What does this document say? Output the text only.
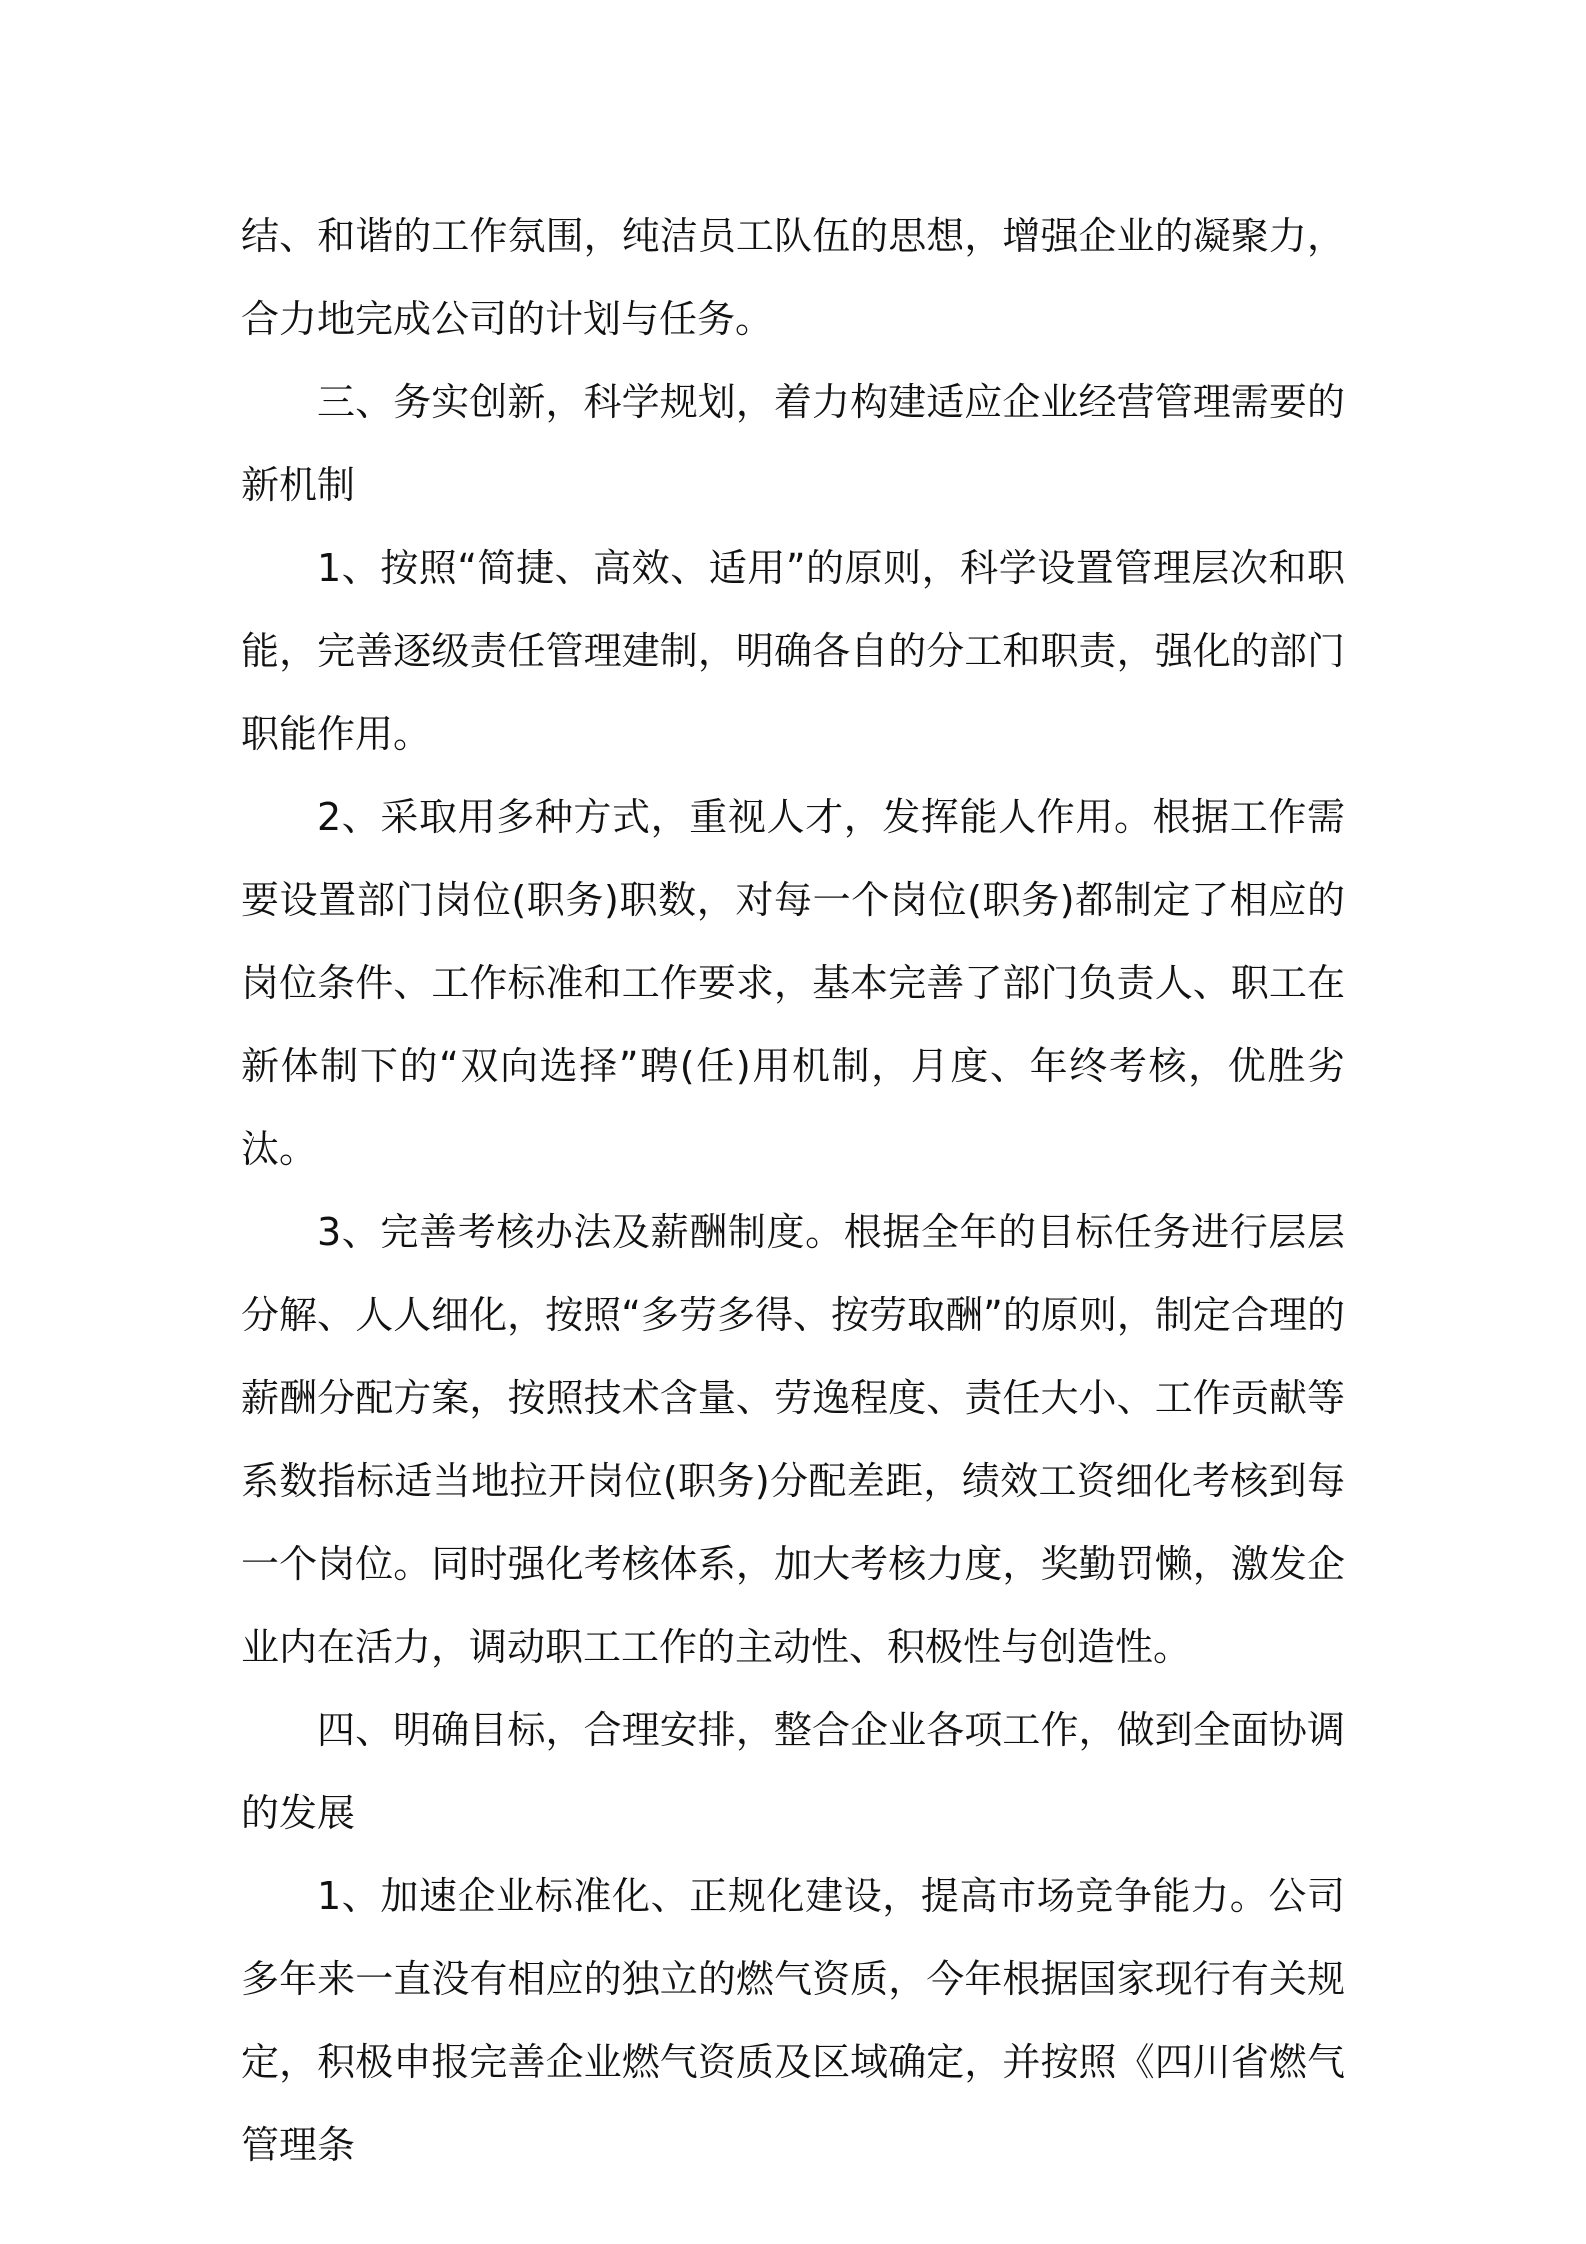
结、和谐的工作氛围，纯洁员工队伍的思想，增强企业的凝聚力，合力地完成公司的计划与任务。

三、务实创新，科学规划，着力构建适应企业经营管理需要的新机制

1、按照“简捷、高效、适用”的原则，科学设置管理层次和职能，完善逐级责任管理建制，明确各自的分工和职责，强化的部门职能作用。

2、采取用多种方式，重视人才，发挥能人作用。根据工作需要设置部门岗位(职务)职数，对每一个岗位(职务)都制定了相应的岗位条件、工作标准和工作要求，基本完善了部门负责人、职工在新体制下的“双向选择”聘(任)用机制，月度、年终考核，优胜劣汰。

3、完善考核办法及薪酬制度。根据全年的目标任务进行层层分解、人人细化，按照“多劳多得、按劳取酬”的原则，制定合理的薪酬分配方案，按照技术含量、劳逸程度、责任大小、工作贡献等系数指标适当地拉开岗位(职务)分配差距，绩效工资细化考核到每一个岗位。同时强化考核体系，加大考核力度，奖勤罚懒，激发企业内在活力，调动职工工作的主动性、积极性与创造性。

四、明确目标，合理安排，整合企业各项工作，做到全面协调的发展

1、加速企业标准化、正规化建设，提高市场竞争能力。公司多年来一直没有相应的独立的燃气资质，今年根据国家现行有关规定，积极申报完善企业燃气资质及区域确定，并按照《四川省燃气管理条
